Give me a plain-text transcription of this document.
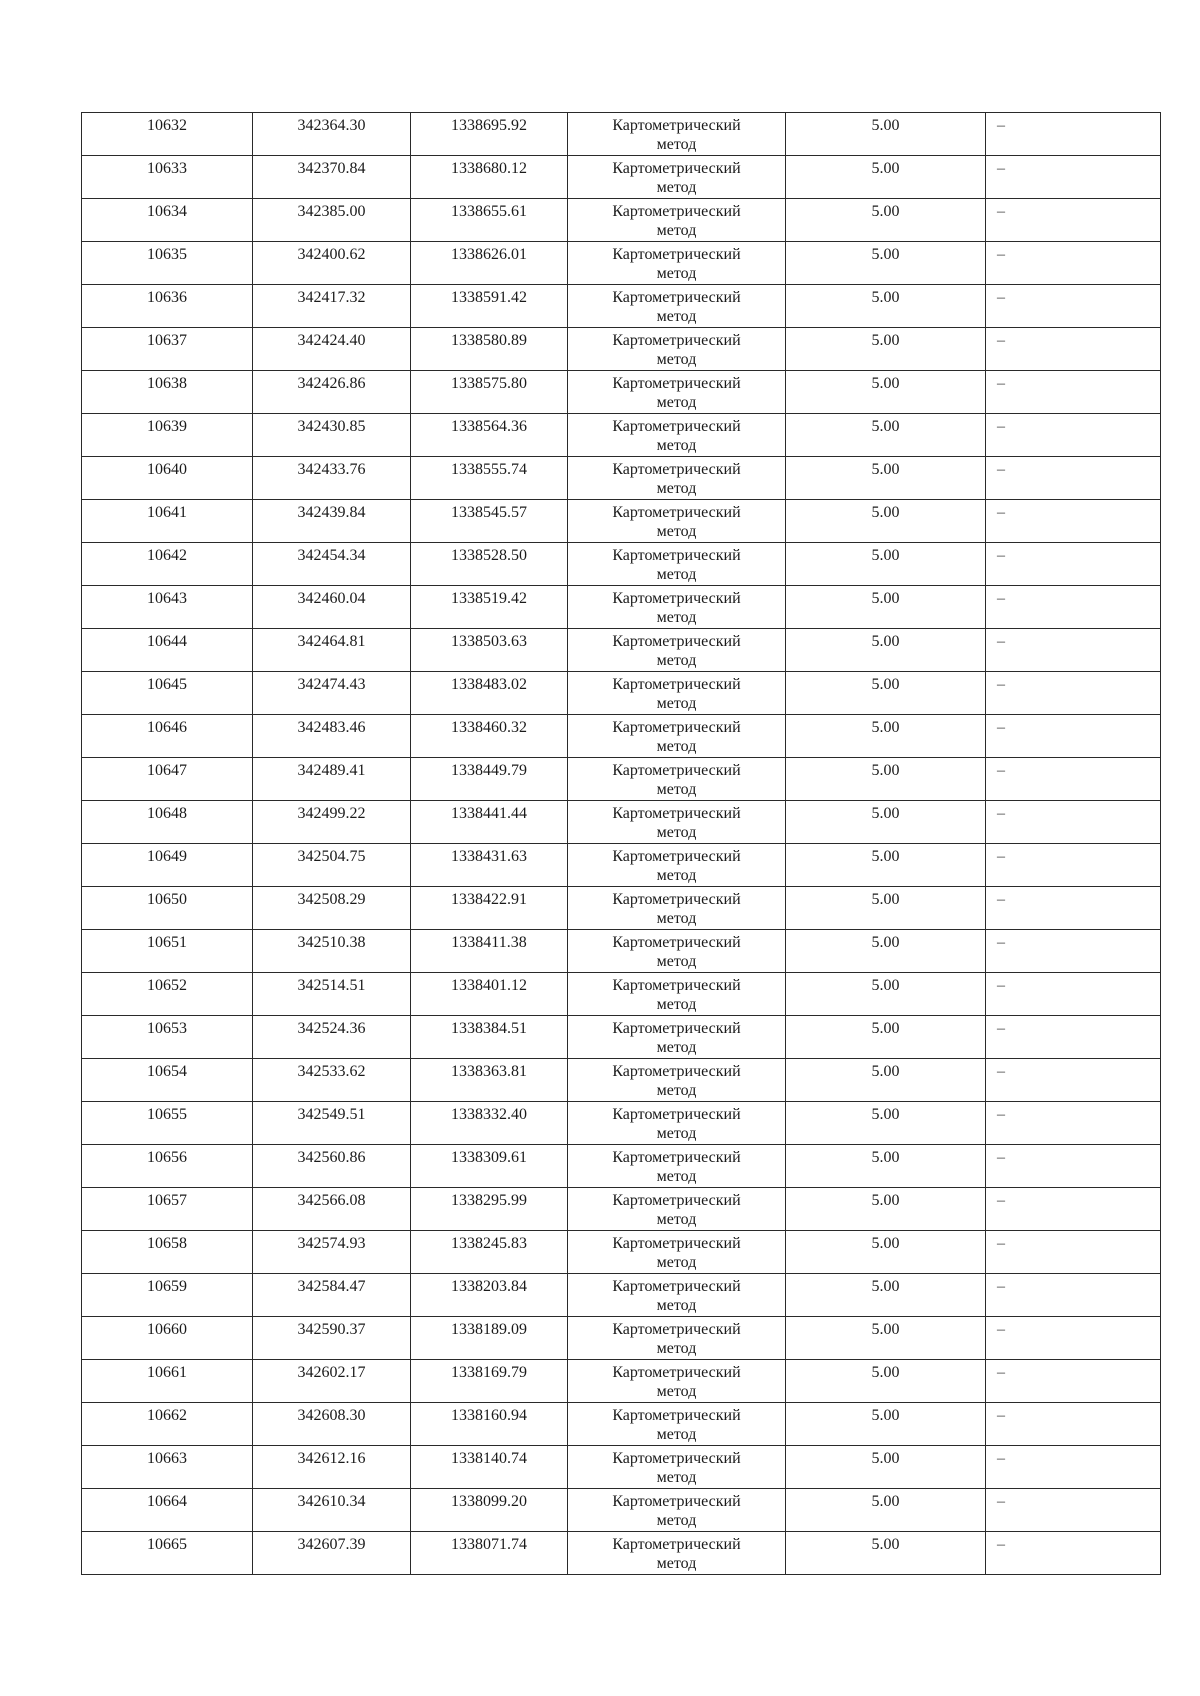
10632	342364.30	1338695.92	Картометрический
метод	5.00	–

10633	342370.84	1338680.12	Картометрический
метод	5.00	–

10634	342385.00	1338655.61	Картометрический
метод	5.00	–

10635	342400.62	1338626.01	Картометрический
метод	5.00	–

10636	342417.32	1338591.42	Картометрический
метод	5.00	–

10637	342424.40	1338580.89	Картометрический
метод	5.00	–

10638	342426.86	1338575.80	Картометрический
метод	5.00	–

10639	342430.85	1338564.36	Картометрический
метод	5.00	–

10640	342433.76	1338555.74	Картометрический
метод	5.00	–

10641	342439.84	1338545.57	Картометрический
метод	5.00	–

10642	342454.34	1338528.50	Картометрический
метод	5.00	–

10643	342460.04	1338519.42	Картометрический
метод	5.00	–

10644	342464.81	1338503.63	Картометрический
метод	5.00	–

10645	342474.43	1338483.02	Картометрический
метод	5.00	–

10646	342483.46	1338460.32	Картометрический
метод	5.00	–

10647	342489.41	1338449.79	Картометрический
метод	5.00	–

10648	342499.22	1338441.44	Картометрический
метод	5.00	–

10649	342504.75	1338431.63	Картометрический
метод	5.00	–

10650	342508.29	1338422.91	Картометрический
метод	5.00	–

10651	342510.38	1338411.38	Картометрический
метод	5.00	–

10652	342514.51	1338401.12	Картометрический
метод	5.00	–

10653	342524.36	1338384.51	Картометрический
метод	5.00	–

10654	342533.62	1338363.81	Картометрический
метод	5.00	–

10655	342549.51	1338332.40	Картометрический
метод	5.00	–

10656	342560.86	1338309.61	Картометрический
метод	5.00	–

10657	342566.08	1338295.99	Картометрический
метод	5.00	–

10658	342574.93	1338245.83	Картометрический
метод	5.00	–

10659	342584.47	1338203.84	Картометрический
метод	5.00	–

10660	342590.37	1338189.09	Картометрический
метод	5.00	–

10661	342602.17	1338169.79	Картометрический
метод	5.00	–

10662	342608.30	1338160.94	Картометрический
метод	5.00	–

10663	342612.16	1338140.74	Картометрический
метод	5.00	–

10664	342610.34	1338099.20	Картометрический
метод	5.00	–

10665	342607.39	1338071.74	Картометрический
метод	5.00	–
